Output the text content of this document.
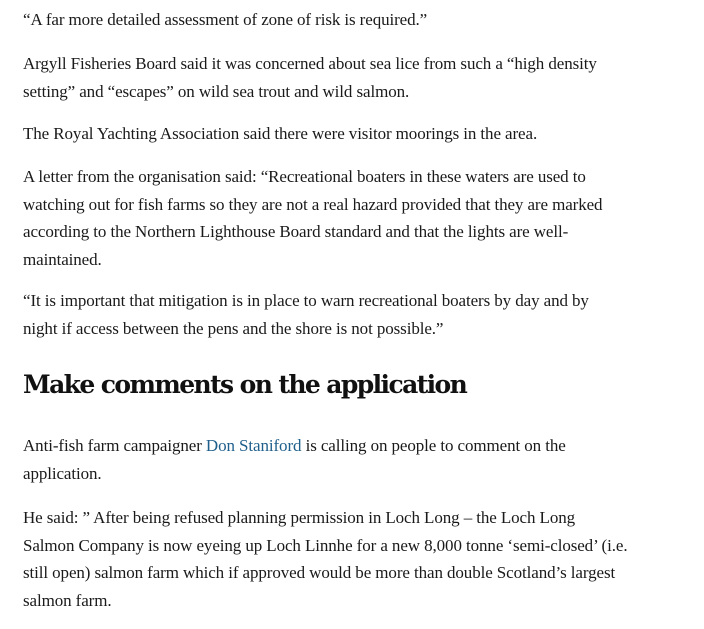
“A far more detailed assessment of zone of risk is required.”

Argyll Fisheries Board said it was concerned about sea lice from such a “high density
setting” and “escapes” on wild sea trout and wild salmon.

The Royal Yachting Association said there were visitor moorings in the area.

A letter from the organisation said: “Recreational boaters in these waters are used to
watching out for fish farms so they are not a real hazard provided that they are marked
according to the Northern Lighthouse Board standard and that the lights are well-
maintained.

“It is important that mitigation is in place to warn recreational boaters by day and by
night if access between the pens and the shore is not possible.”

Make comments on the application

Anti-fish farm campaigner Don Staniford is calling on people to comment on the
application.

He said: ” After being refused planning permission in Loch Long – the Loch Long
Salmon Company is now eyeing up Loch Linnhe for a new 8,000 tonne ‘semi-closed’ (i.e.
still open) salmon farm which if approved would be more than double Scotland’s largest
salmon farm.
